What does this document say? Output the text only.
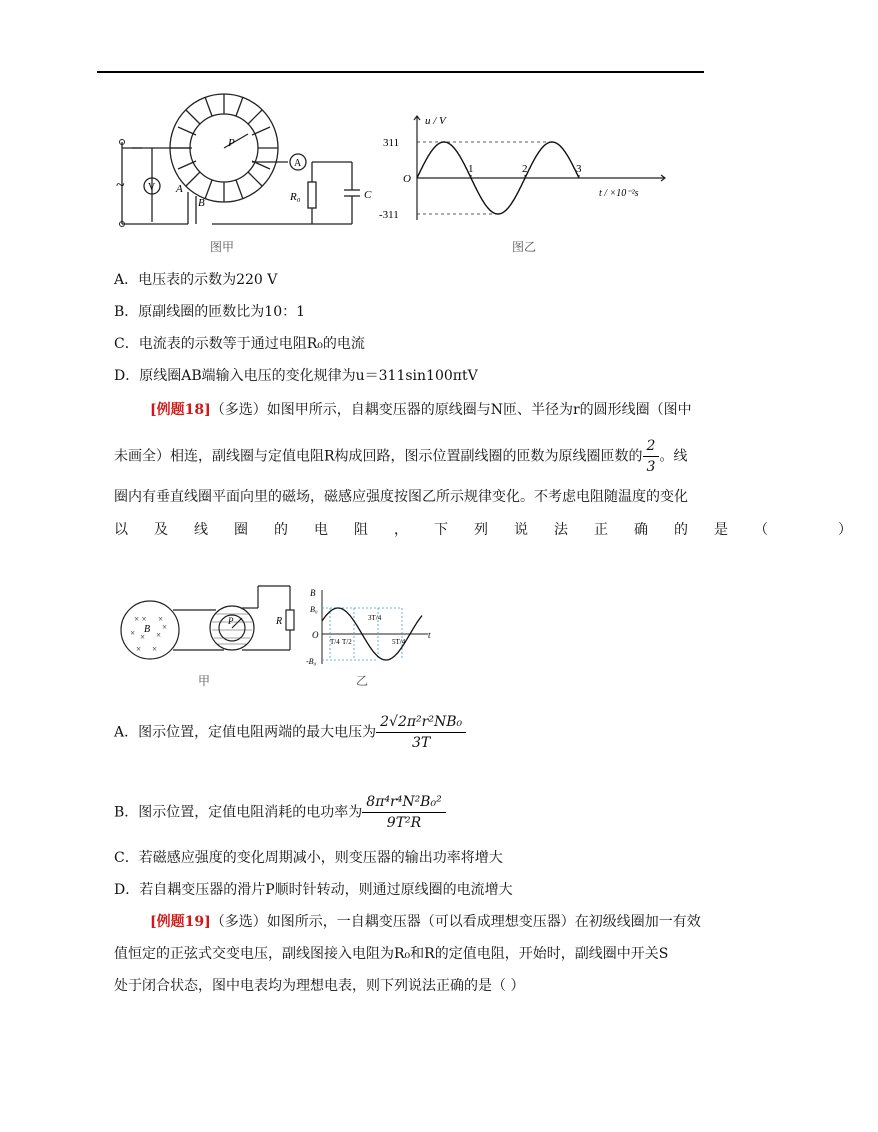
~ V
A
A
B
P
R₀	C
图甲
1	2	3
u / V
311
-311
O
t / ×10⁻²s
图乙
A．电压表的示数为220 V
B．原副线圈的匝数比为10：1
C．电流表的示数等于通过电阻R₀的电流
D．原线圈AB端输入电压的变化规律为u＝311sin100πtV
[例题18]（多选）如图甲所示，自耦变压器的原线圈与N匝、半径为r的圆形线圈（图中
未画全）相连，副线圈与定值电阻R构成回路，图示位置副线圈的匝数为原线圈匝数的 $\frac{2}{3}$ 。线
圈内有垂直线圈平面向里的磁场，磁感应强度按图乙所示规律变化。不考虑电阻随温度的变化
以 及 线 圈 的 电 阻 ， 下 列 说 法 正 确 的 是 （	）
× × ×
× × ×
× ×
×
B
P	R
甲
B
B₀
-B₀
O	t
T/4 T/2
3T/4
5T/4
乙
A．图示位置，定值电阻两端的最大电压为 $\frac{\text{2√2π²r²NB₀}}{3T}$
B．图示位置，定值电阻消耗的电功率为 $\frac{\text{8π⁴r⁴N²B₀²}}{\text{9T²R}}$
C．若磁感应强度的变化周期减小，则变压器的输出功率将增大
D．若自耦变压器的滑片P顺时针转动，则通过原线圈的电流增大
[例题19]（多选）如图所示，一自耦变压器（可以看成理想变压器）在初级线圈加一有效
值恒定的正弦式交变电压，副线图接入电阻为R₀和R的定值电阻，开始时，副线圈中开关S
处于闭合状态，图中电表均为理想电表，则下列说法正确的是（ ）
